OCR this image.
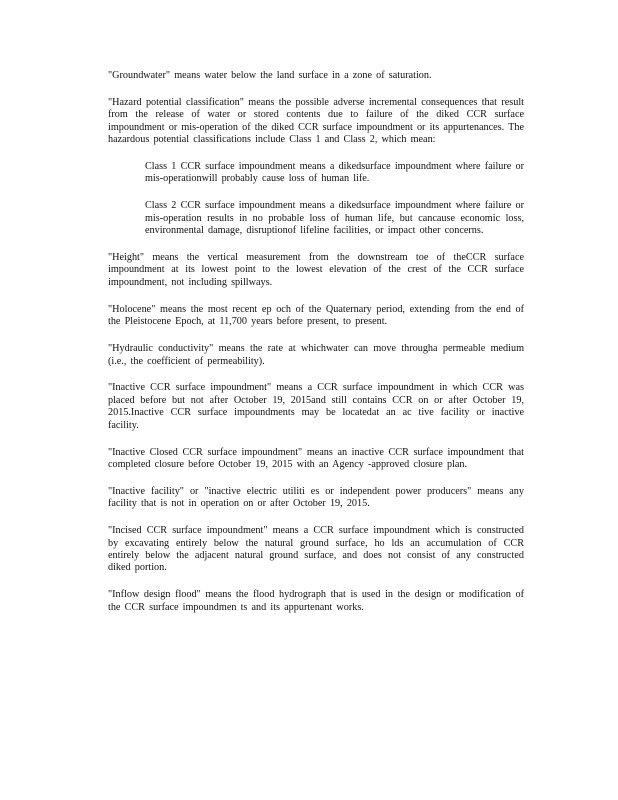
"Groundwater" means water below the land surface in a zone of saturation.

"Hazard potential classification" means the possible adverse incremental consequences that result from the release of water or stored contents due to failure of the diked CCR surface impoundment or mis-operation of the diked CCR surface impoundment or its appurtenances. The hazardous potential classifications include Class 1 and Class 2, which mean:

Class 1 CCR surface impoundment means a dikedsurface impoundment where failure or mis-operationwill probably cause loss of human life.

Class 2 CCR surface impoundment means a dikedsurface impoundment where failure or mis-operation results in no probable loss of human life, but cancause economic loss, environmental damage, disruptionof lifeline facilities, or impact other concerns.

"Height" means the vertical measurement from the downstream toe of theCCR surface impoundment at its lowest point to the lowest elevation of the crest of the CCR surface impoundment, not including spillways.

"Holocene" means the most recent ep och of the Quaternary period, extending from the end of the Pleistocene Epoch, at 11,700 years before present, to present.

"Hydraulic conductivity" means the rate at whichwater can move througha permeable medium (i.e., the coefficient of permeability).

"Inactive CCR surface impoundment" means a CCR surface impoundment in which CCR was placed before but not after October 19, 2015and still contains CCR on or after October 19, 2015.Inactive CCR surface impoundments may be locatedat an ac tive facility or inactive facility.

"Inactive Closed CCR surface impoundment" means an inactive CCR surface impoundment that completed closure before October 19, 2015 with an Agency -approved closure plan.

"Inactive facility" or "inactive electric utiliti es or independent power producers" means any facility that is not in operation on or after October 19, 2015.

"Incised CCR surface impoundment" means a CCR surface impoundment which is constructed by excavating entirely below the natural ground surface, ho lds an accumulation of CCR entirely below the adjacent natural ground surface, and does not consist of any constructed diked portion.

"Inflow design flood" means the flood hydrograph that is used in the design or modification of the CCR surface impoundmen ts and its appurtenant works.
